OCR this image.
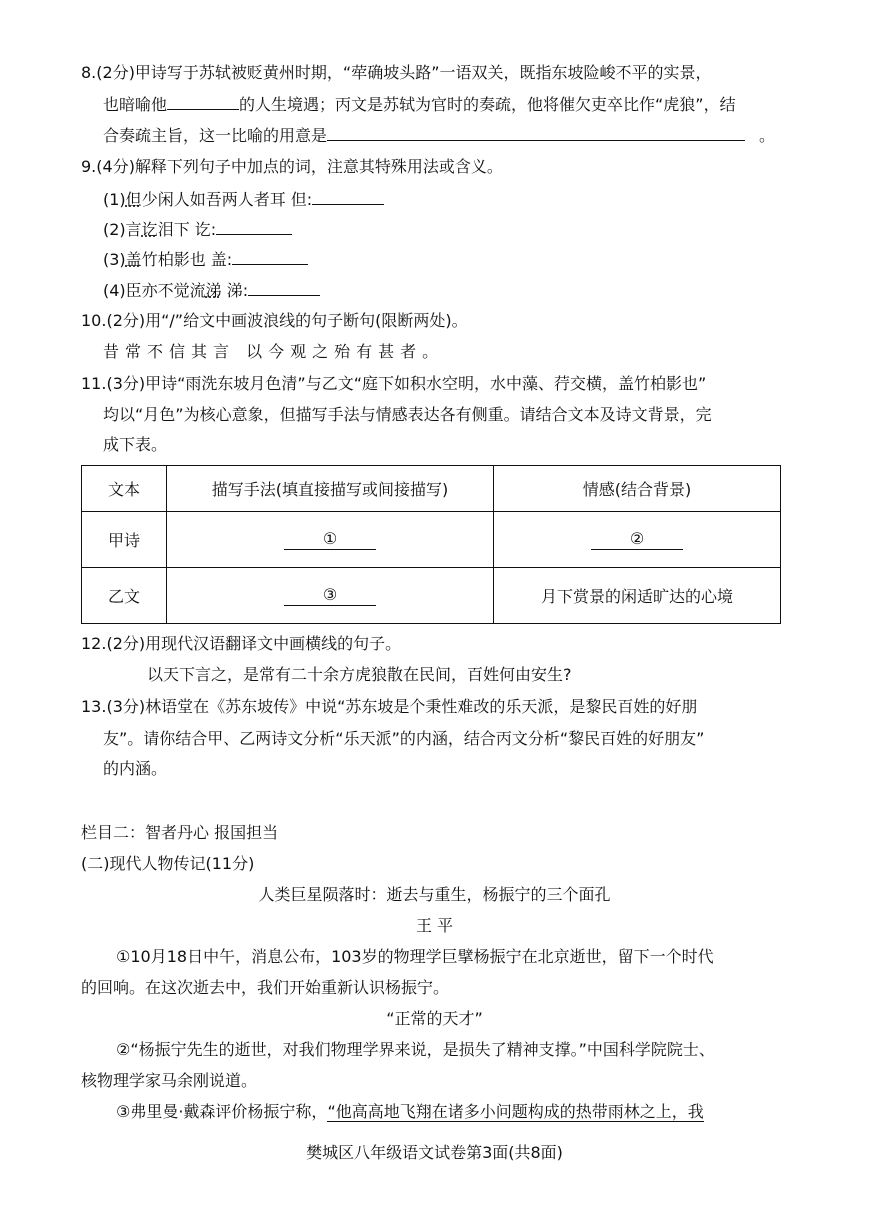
8.(2分)甲诗写于苏轼被贬黄州时期，“荦确坡头路”一语双关，既指东坡险峻不平的实景，
也暗喻他	的人生境遇；丙文是苏轼为官时的奏疏，他将催欠吏卒比作“虎狼”，结
合奏疏主旨，这一比喻的用意是	。
9.(4分)解释下列句子中加点的词，注意其特殊用法或含义。
(1)但少闲人如吾两人者耳 但:
(2)言讫泪下 讫:
(3)盖竹柏影也 盖:
(4)臣亦不觉流涕 涕:
10.(2分)用“/”给文中画波浪线的句子断句(限断两处)。
昔常不信其言 以今观之殆有甚者。
11.(3分)甲诗“雨洗东坡月色清”与乙文“庭下如积水空明，水中藻、荇交横，盖竹柏影也”
均以“月色”为核心意象，但描写手法与情感表达各有侧重。请结合文本及诗文背景，完
成下表。
文本	描写手法(填直接描写或间接描写)	情感(结合背景)
甲诗	①	②
乙文	③	月下赏景的闲适旷达的心境
12.(2分)用现代汉语翻译文中画横线的句子。
以天下言之，是常有二十余方虎狼散在民间，百姓何由安生?
13.(3分)林语堂在《苏东坡传》中说“苏东坡是个秉性难改的乐天派，是黎民百姓的好朋
友”。请你结合甲、乙两诗文分析“乐天派”的内涵，结合丙文分析“黎民百姓的好朋友”
的内涵。
栏目二：智者丹心 报国担当
(二)现代人物传记(11分)
人类巨星陨落时：逝去与重生，杨振宁的三个面孔
王 平
①10月18日中午，消息公布，103岁的物理学巨擘杨振宁在北京逝世，留下一个时代
的回响。在这次逝去中，我们开始重新认识杨振宁。
“正常的天才”
②“杨振宁先生的逝世，对我们物理学界来说，是损失了精神支撑。”中国科学院院士、
核物理学家马余刚说道。
③弗里曼·戴森评价杨振宁称，“他高高地飞翔在诸多小问题构成的热带雨林之上，我
樊城区八年级语文试卷第3面(共8面)
